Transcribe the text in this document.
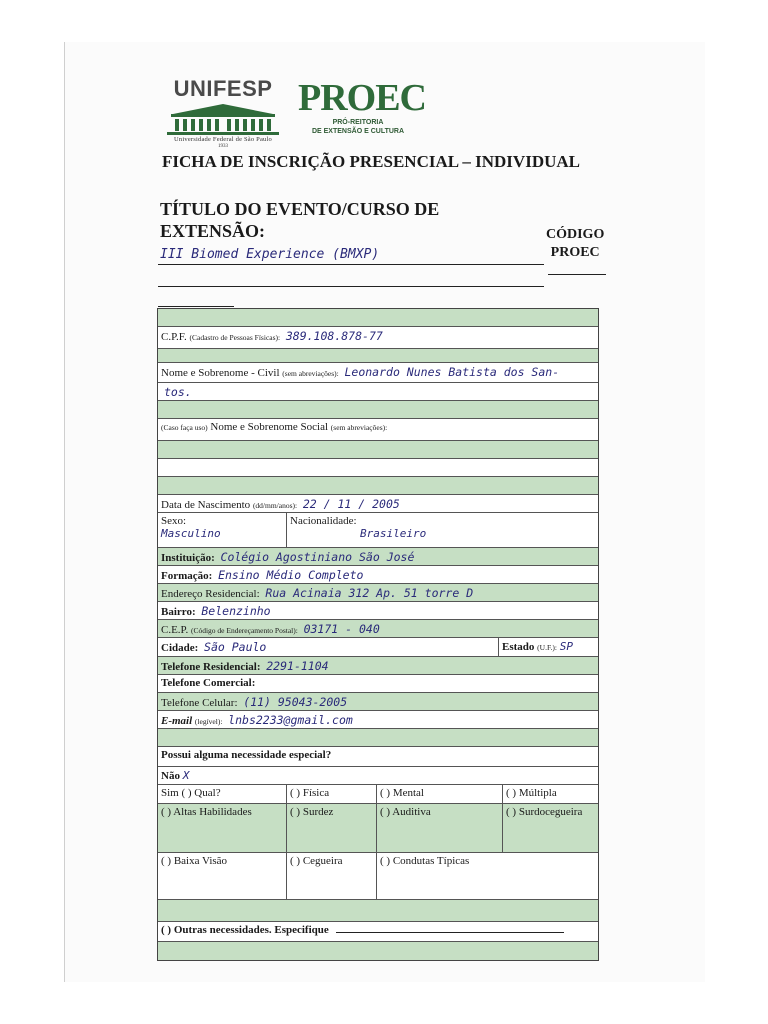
UNIFESP
Universidade Federal de São Paulo
1933
PROEC
PRÓ-REITORIA
DE EXTENSÃO E CULTURA
FICHA DE INSCRIÇÃO PRESENCIAL – INDIVIDUAL
TÍTULO DO EVENTO/CURSO DE
EXTENSÃO:
III Biomed Experience (BMXP)
CÓDIGO
PROEC
C.P.F. (Cadastro de Pessoas Físicas): 389.108.878-77
Nome e Sobrenome - Civil (sem abreviações): Leonardo Nunes Batista dos San-
tos.
(Caso faça uso) Nome e Sobrenome Social (sem abreviações):
Data de Nascimento (dd/mm/anos): 22 / 11 / 2005
Sexo:
Masculino
Nacionalidade:
Brasileiro
Instituição: Colégio Agostiniano São José
Formação: Ensino Médio Completo
Endereço Residencial: Rua Acinaia 312 Ap. 51 torre D
Bairro: Belenzinho
C.E.P. (Código de Endereçamento Postal): 03171 - 040
Cidade: São Paulo	Estado (U.F.): SP
Telefone Residencial: 2291-1104
Telefone Comercial:
Telefone Celular: (11) 95043-2005
E-mail (legível): lnbs2233@gmail.com
Possui alguma necessidade especial?
Não X
Sim ( ) Qual?	( ) Física	( ) Mental	( ) Múltipla
( ) Altas Habilidades	( ) Surdez	( ) Auditiva	( ) Surdocegueira
( ) Baixa Visão	( ) Cegueira	( ) Condutas Típicas
( ) Outras necessidades. Especifique
